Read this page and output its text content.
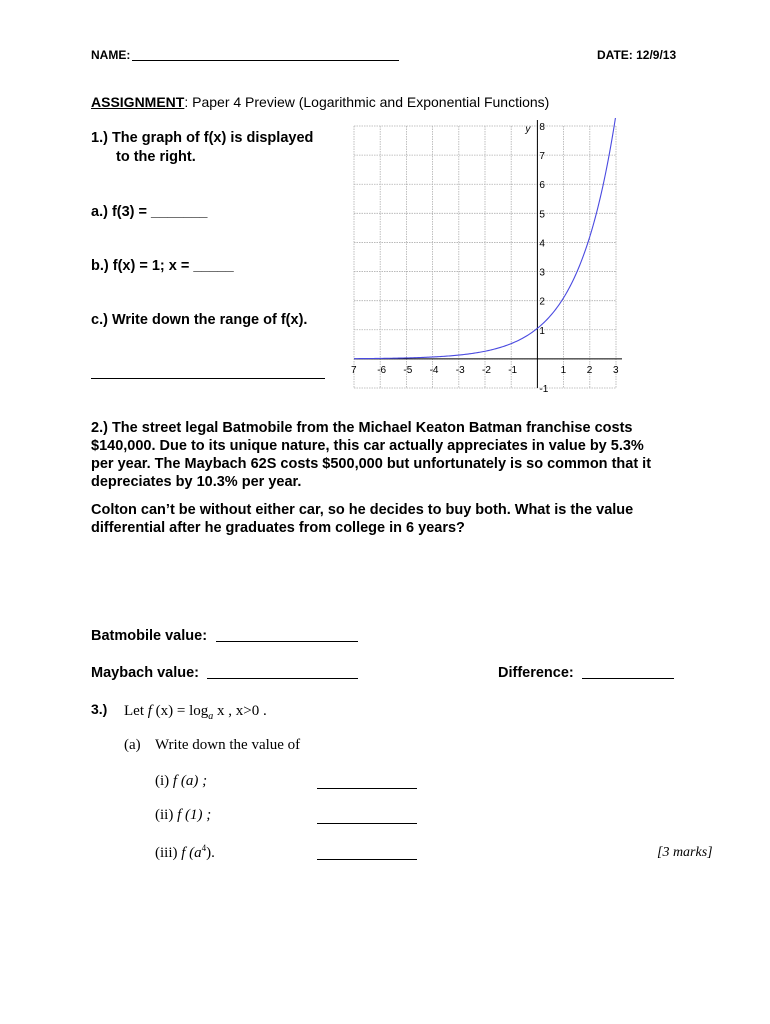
NAME:	DATE: 12/9/13
ASSIGNMENT: Paper 4 Preview (Logarithmic and Exponential Functions)
1.) The graph of f(x) is displayed
to the right.
a.) f(3) = _______
b.) f(x) = 1; x = _____
c.) Write down the range of f(x).
y
7 -6 -5 -4 -3 -2 -1	1 2 3
8
7
6
5
4
3
2
1
-1
2.) The street legal Batmobile from the Michael Keaton Batman franchise costs
$140,000. Due to its unique nature, this car actually appreciates in value by 5.3%
per year. The Maybach 62S costs $500,000 but unfortunately is so common that it
depreciates by 10.3% per year.
Colton can’t be without either car, so he decides to buy both. What is the value
differential after he graduates from college in 6 years?
Batmobile value:
Maybach value:	Difference:
3.) Let f $(x) = \log_a x$ , x>0 .
(a) Write down the value of
(i) f (a) ;
(ii) f (1) ;
(iii) f $(a^4)$.	[3 marks]
